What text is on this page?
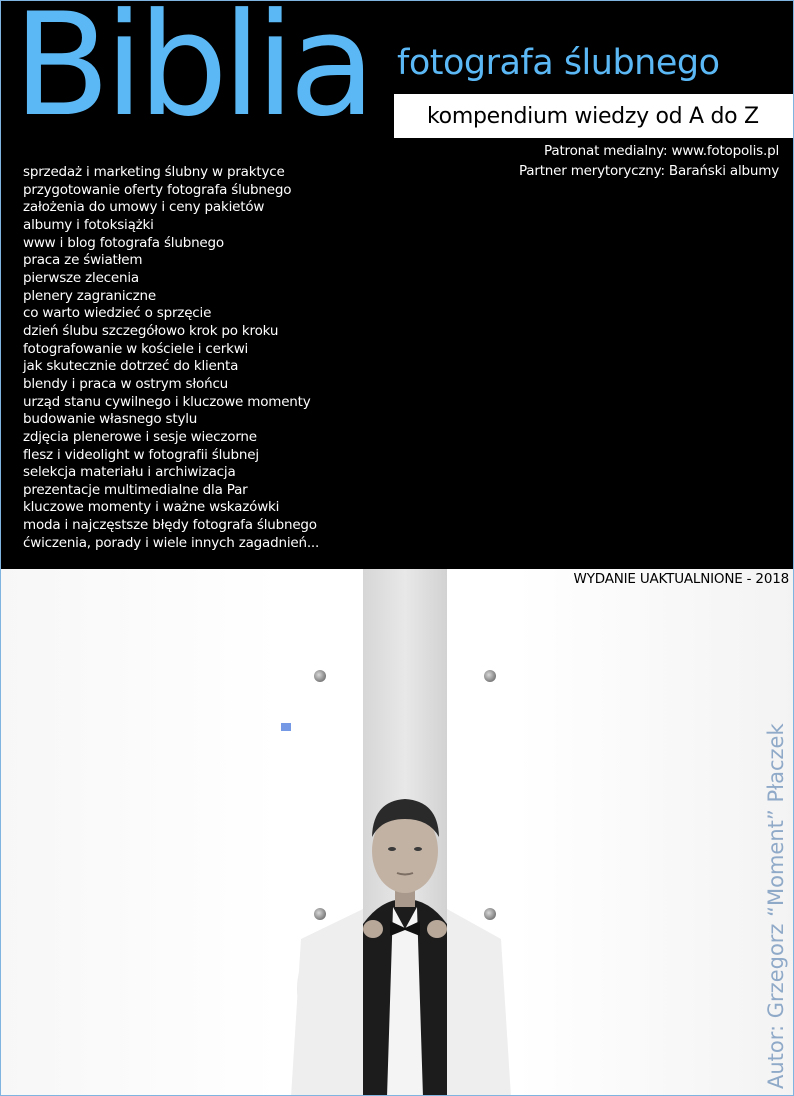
Biblia fotografa ślubnego
kompendium wiedzy od A do Z
Patronat medialny: www.fotopolis.pl
Partner merytoryczny: Barański albumy
sprzedaż i marketing ślubny w praktyce
przygotowanie oferty fotografa ślubnego
założenia do umowy i ceny pakietów
albumy i fotoksiążki
www i blog fotografa ślubnego
praca ze światłem
pierwsze zlecenia
plenery zagraniczne
co warto wiedzieć o sprzęcie
dzień ślubu szczegółowo krok po kroku
fotografowanie w kościele i cerkwi
jak skutecznie dotrzeć do klienta
blendy i praca w ostrym słońcu
urząd stanu cywilnego i kluczowe momenty
budowanie własnego stylu
zdjęcia plenerowe i sesje wieczorne
flesz i videolight w fotografii ślubnej
selekcja materiału i archiwizacja
prezentacje multimedialne dla Par
kluczowe momenty i ważne wskazówki
moda i najczęstsze błędy fotografa ślubnego
ćwiczenia, porady i wiele innych zagadnień...
WYDANIE UAKTUALNIONE - 2018
Autor: Grzegorz “Moment” Płaczek
